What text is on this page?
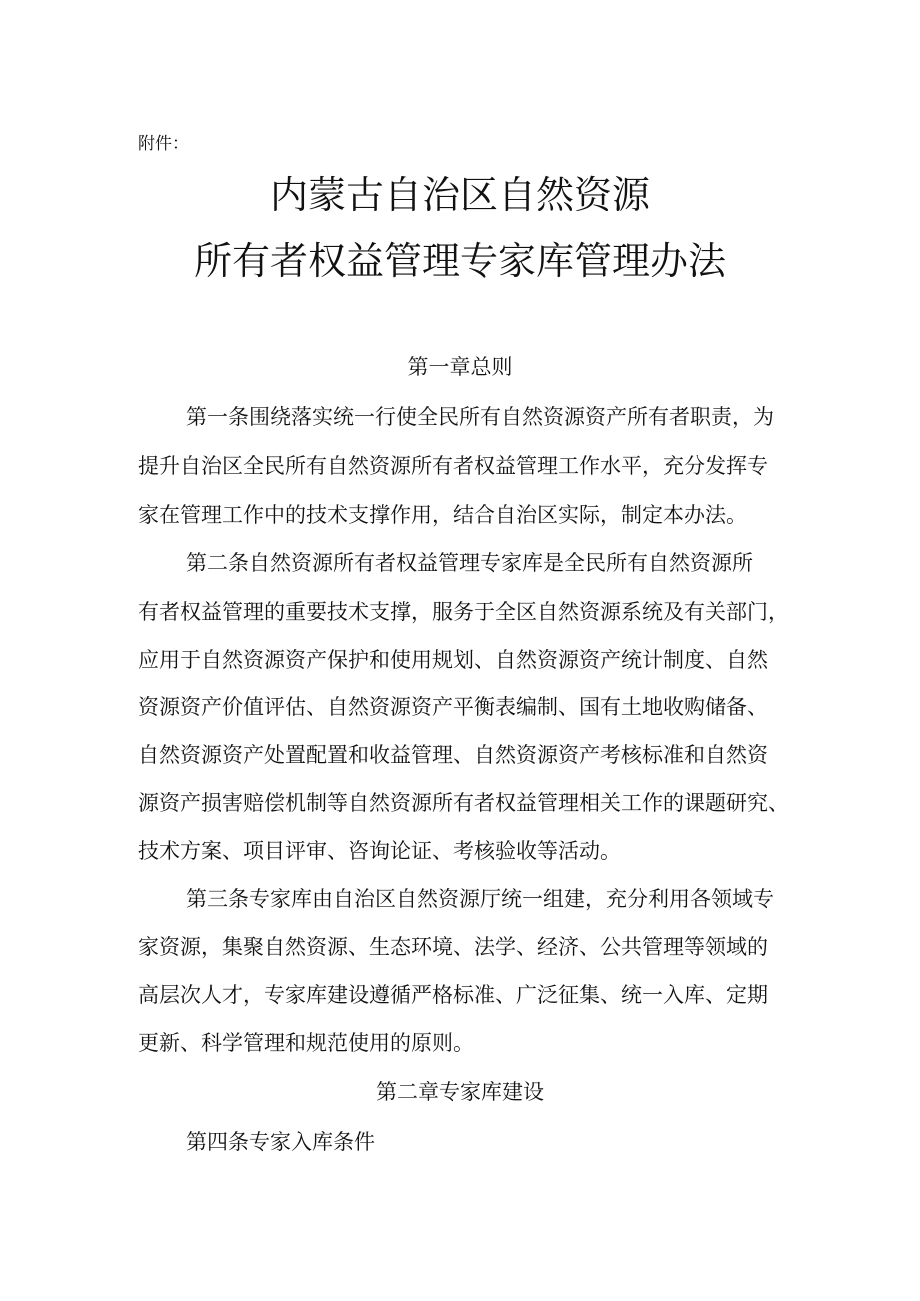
附件：
内蒙古自治区自然资源
所有者权益管理专家库管理办法
第一章总则
第一条围绕落实统一行使全民所有自然资源资产所有者职责，为
提升自治区全民所有自然资源所有者权益管理工作水平，充分发挥专
家在管理工作中的技术支撑作用，结合自治区实际，制定本办法。
第二条自然资源所有者权益管理专家库是全民所有自然资源所
有者权益管理的重要技术支撑，服务于全区自然资源系统及有关部门，
应用于自然资源资产保护和使用规划、自然资源资产统计制度、自然
资源资产价值评估、自然资源资产平衡表编制、国有土地收购储备、
自然资源资产处置配置和收益管理、自然资源资产考核标准和自然资
源资产损害赔偿机制等自然资源所有者权益管理相关工作的课题研究、
技术方案、项目评审、咨询论证、考核验收等活动。
第三条专家库由自治区自然资源厅统一组建，充分利用各领域专
家资源，集聚自然资源、生态环境、法学、经济、公共管理等领域的
高层次人才，专家库建设遵循严格标准、广泛征集、统一入库、定期
更新、科学管理和规范使用的原则。
第二章专家库建设
第四条专家入库条件
